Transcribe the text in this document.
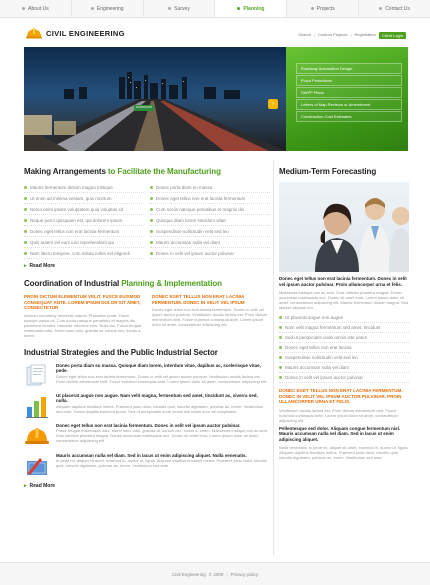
About Us	Engineering	Survey	Planning	Projects	Contact Us
CIVIL ENGINEERING	Search | Custom Projects | Registration	Client Login
Roadway Automation Design
Flood Protections
SWPP Plans
Letters of Map Revision or Amendment
Construction Cost Estimates
›
Making Arrangements to Facilitate the Manufacturing
Mauris fermentum dictum magna tristique
Ut enim ad minima veniam, quis nostrum
Nemo enim ipsam voluptatem quia voluptas sit
Neque porro quisquam est, qui dolorem ipsum
Donec eget tellus non erat lacinia fermentum
Quis autem vel eum iure reprehenderit qui
Nam libero tempore, cum soluta nobis est eligendi
Donec porta diam eu massa
Donec eget tellus non erat lacinia fermentum
Cum sociis natoque penatibus et magnis dis
Quisque diam lorem interdum vitae
Suspendisse sollicitudin velit sed leo
Mauris accumsan nulla vel diam
Donec in velit vel ipsum auctor pulvinar
▸ Read More
Coordination of Industrial Planning & Implementation
PROIN DICTUM ELEMENTUM VELIT. FUSCE EUISMOD CONSEQUAT ANTE. LOREM IPSUM DOLOR SIT AMET, CONSECTETUR
Aenean nonummy hendrerit mauris. Phasellus porta. Fusce suscipit varius mi. Cum sociis natoque penatibus et magnis dis parturient montes, nascetur ridiculus mus. Nulla dui. Fusce feugiat malesuada odio. Morbi nunc odio, gravida at, cursus nec, luctus a, lorem.
DONEC EGET TELLUS NON ERAT LACINIA FERMENTUM. DONEC IN VELIT VEL IPSUM
Donec eget tellus non erat lacinia fermentum. Donec in velit vel ipsum auctor pulvinar. Vestibulum iaculis lacinia est. Proin dictum elementum velit. Fusce euismod consequat ante. Lorem ipsum dolor sit amet, consectetuer adipiscing elit.
Industrial Strategies and the Public Industrial Sector
Donec porta diam eu massa. Quisque diam lorem, interdum vitae, dapibus ac, scelerisque vitae, pede.
Donec eget tellus non erat lacinia fermentum. Donec in velit vel ipsum auctor pulvinar. Vestibulum iaculis lacinia est. Proin dictum elementum velit. Fusce euismod consequat ante. Lorem ipsum dolor sit amet, consectetuer adipiscing elit.
Ut placerat augue non augue. Nam velit magna, fermentum sed amet, tincidunt ac, viverra sed, nulla.
Aliquam dapibus tincidunt metus. Praesent justo dolor, lobortis quis, lobortis dignissim, pulvinar ac, lorem. Vestibulum sed ante. Donec sagittis euismod purus. Sed ut perspiciatis unde omnis iste natus error sit voluptatem.
Donec eget tellus non erat lacinia fermentum. Donec in velit vel ipsum auctor pulvinar.
Fusce feugiat malesuada odio. Morbi nunc odio, gravida at, cursus nec, luctus a, lorem. Maecenas tristique orci ac sem. Duis ultricies pharetra magna. Donec accumsan malesuada orci. Donec sit amet eros. Lorem ipsum dolor sit amet, consectetuer adipiscing elit.
Mauris accumsan nulla vel diam. Sed in lacus ut enim adipiscing aliquet. Nulla venenatis.
In pede mi, aliquet sit amet, euismod in, auctor ut, ligula. Aliquam dapibus tincidunt metus. Praesent justo dolor, lobortis quis, lobortis dignissim, pulvinar ac, lorem. Vestibulum sed ante.
▸ Read More
Medium-Term Forecasting
Donec eget tellus non erat lacinia fermentum. Donec in velit vel ipsum auctor pulvinar. Proin ullamcorper urna et felis.
Maecenas tristique orci ac sem. Duis ultricies pharetra magna. Donec accumsan malesuada orci. Donec sit amet eros. Lorem ipsum dolor sit amet, consectetuer adipiscing elit. Mauris fermentum dictum magna. Sed laoreet aliquam leo.
Ut placerat augue non augue
Nam velit magna fermentum sed amet, tincidunt
Sed ut perspiciatis unde omnis iste natus
Donec eget tellus non erat lacinia
Suspendisse sollicitudin velit sed leo
Mauris accumsan nulla vel diam
Donec in velit vel ipsum auctor pulvinar
DONEC EGET TELLUS NON ERAT LACINIA FERMENTUM. DONEC IN VELIT VEL IPSUM AUCTOR PULVINAR. PROIN ULLAMCORPER URNA ET FELIS.
Vestibulum iaculis lacinia est. Proin dictum elementum velit. Fusce euismod consequat ante. Lorem ipsum dolor sit amet, consectetuer adipiscing elit.
Pellentesque sed dolor. Aliquam congue fermentum nisl. Mauris accumsan nulla vel diam. Sed in lacus ut enim adipiscing aliquet.
Nulla venenatis. In pede mi, aliquet sit amet, euismod in, auctor ut, ligula. Aliquam dapibus tincidunt metus. Praesent justo dolor, lobortis quis, lobortis dignissim, pulvinar ac, lorem. Vestibulum sed ante.
Civil Engineering © 2009 | Privacy policy
